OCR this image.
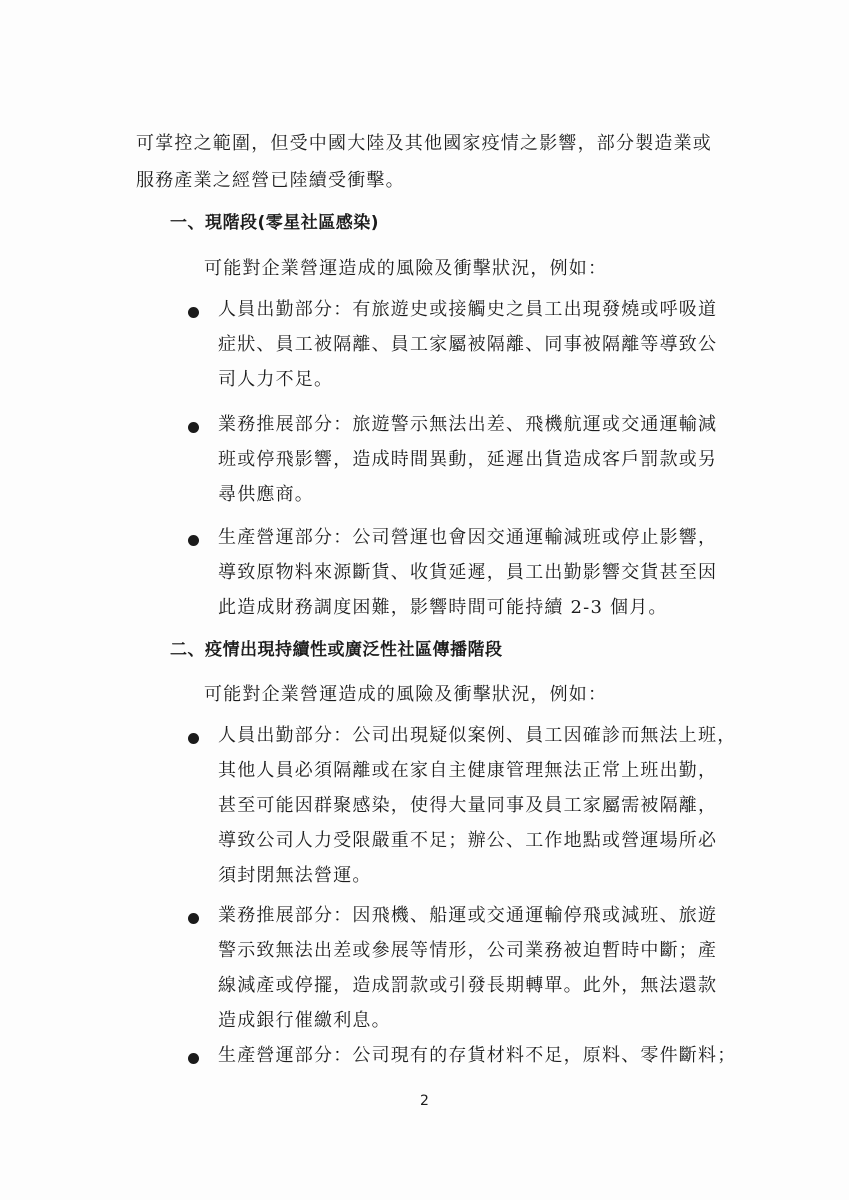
可掌控之範圍，但受中國大陸及其他國家疫情之影響，部分製造業或
服務產業之經營已陸續受衝擊。
一、現階段(零星社區感染)
可能對企業營運造成的風險及衝擊狀況，例如：
人員出勤部分：有旅遊史或接觸史之員工出現發燒或呼吸道
症狀、員工被隔離、員工家屬被隔離、同事被隔離等導致公
司人力不足。
業務推展部分：旅遊警示無法出差、飛機航運或交通運輸減
班或停飛影響，造成時間異動，延遲出貨造成客戶罰款或另
尋供應商。
生產營運部分：公司營運也會因交通運輸減班或停止影響，
導致原物料來源斷貨、收貨延遲，員工出勤影響交貨甚至因
此造成財務調度困難，影響時間可能持續 2-3 個月。
二、疫情出現持續性或廣泛性社區傳播階段
可能對企業營運造成的風險及衝擊狀況，例如：
人員出勤部分：公司出現疑似案例、員工因確診而無法上班，
其他人員必須隔離或在家自主健康管理無法正常上班出勤，
甚至可能因群聚感染，使得大量同事及員工家屬需被隔離，
導致公司人力受限嚴重不足；辦公、工作地點或營運場所必
須封閉無法營運。
業務推展部分：因飛機、船運或交通運輸停飛或減班、旅遊
警示致無法出差或參展等情形，公司業務被迫暫時中斷；產
線減產或停擺，造成罰款或引發長期轉單。此外，無法還款
造成銀行催繳利息。
生產營運部分：公司現有的存貨材料不足，原料、零件斷料；
2
